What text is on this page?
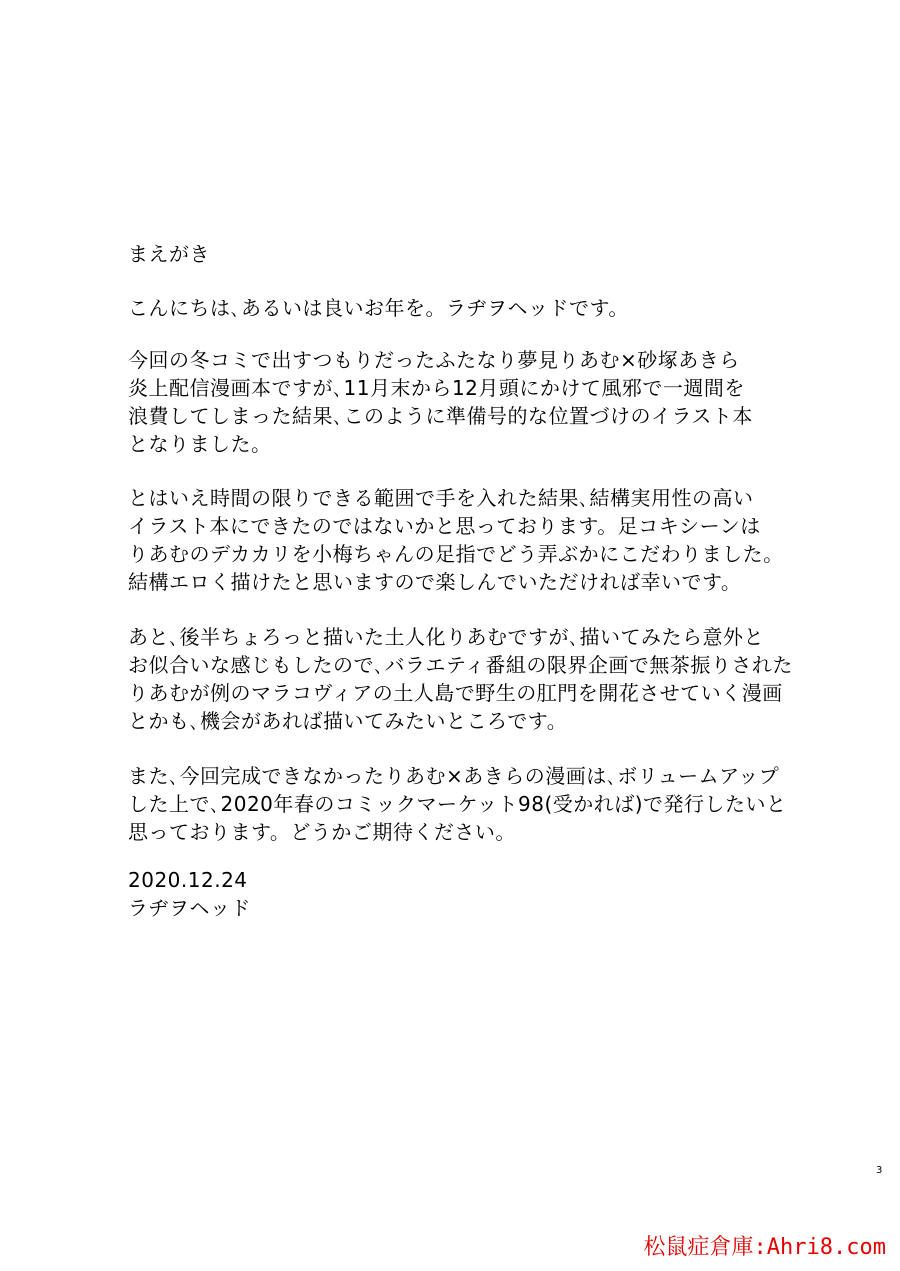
まえがき
こんにちは､あるいは良いお年を。ラヂヲヘッドです。
今回の冬コミで出すつもりだったふたなり夢見りあむ×砂塚あきら
炎上配信漫画本ですが､11月末から12月頭にかけて風邪で一週間を
浪費してしまった結果､このように準備号的な位置づけのイラスト本
となりました。
とはいえ時間の限りできる範囲で手を入れた結果､結構実用性の高い
イラスト本にできたのではないかと思っております。足コキシーンは
りあむのデカカリを小梅ちゃんの足指でどう弄ぶかにこだわりました。
結構エロく描けたと思いますので楽しんでいただければ幸いです。
あと､後半ちょろっと描いた土人化りあむですが､描いてみたら意外と
お似合いな感じもしたので､バラエティ番組の限界企画で無茶振りされた
りあむが例のマラコヴィアの土人島で野生の肛門を開花させていく漫画
とかも､機会があれば描いてみたいところです。
また､今回完成できなかったりあむ×あきらの漫画は､ボリュームアップ
した上で､2020年春のコミックマーケット98(受かれば)で発行したいと
思っております。どうかご期待ください。
2020.12.24
ラヂヲヘッド
3
松鼠症倉庫:Ahri8.com
